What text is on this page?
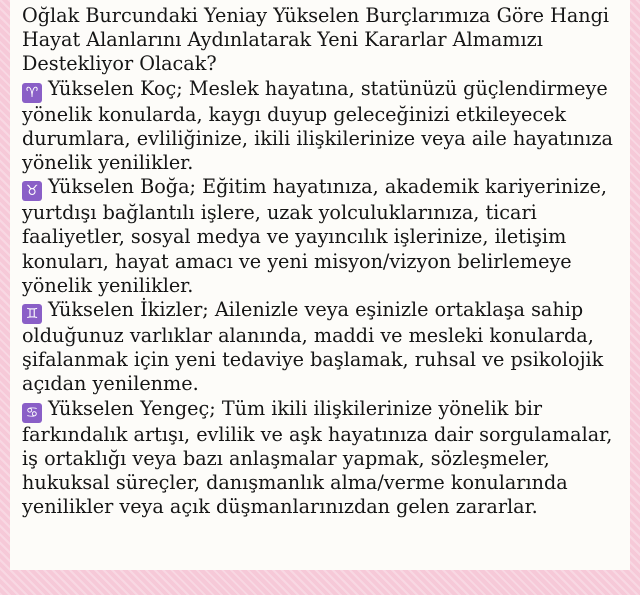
Oğlak Burcundaki Yeniay Yükselen Burçlarımıza Göre Hangi Hayat Alanlarını Aydınlatarak Yeni Kararlar Almamızı Destekliyor Olacak?

♈ Yükselen Koç; Meslek hayatına, statünüzü güçlendirmeye yönelik konularda, kaygı duyup geleceğinizi etkileyecek durumlara, evliliğinize, ikili ilişkilerinize veya aile hayatınıza yönelik yenilikler.

♉ Yükselen Boğa; Eğitim hayatınıza, akademik kariyerinize, yurtdışı bağlantılı işlere, uzak yolculuklarınıza, ticari faaliyetler, sosyal medya ve yayıncılık işlerinize, iletişim konuları, hayat amacı ve yeni misyon/vizyon belirlemeye yönelik yenilikler.

♊ Yükselen İkizler; Ailenizle veya eşinizle ortaklaşa sahip olduğunuz varlıklar alanında, maddi ve mesleki konularda, şifalanmak için yeni tedaviye başlamak, ruhsal ve psikolojik açıdan yenilenme.

♋ Yükselen Yengeç; Tüm ikili ilişkilerinize yönelik bir farkındalık artışı, evlilik ve aşk hayatınıza dair sorgulamalar, iş ortaklığı veya bazı anlaşmalar yapmak, sözleşmeler, hukuksal süreçler, danışmanlık alma/verme konularında yenilikler veya açık düşmanlarınızdan gelen zararlar.
